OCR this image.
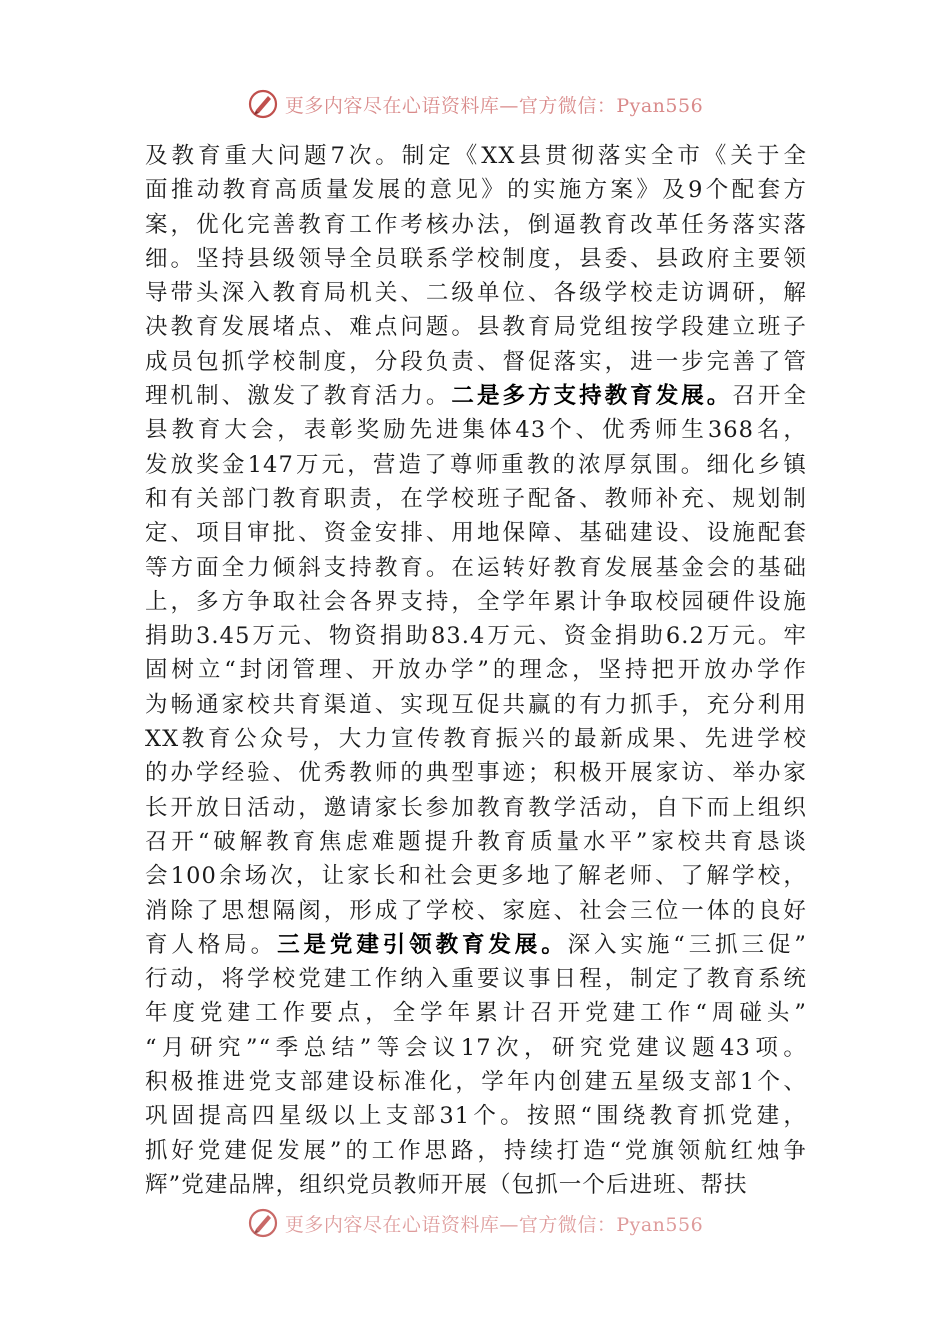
更多内容尽在心语资料库—官方微信：Pyan556
及教育重大问题7次。制定《XX县贯彻落实全市《关于全
面推动教育高质量发展的意见》的实施方案》及9个配套方
案，优化完善教育工作考核办法，倒逼教育改革任务落实落
细。坚持县级领导全员联系学校制度，县委、县政府主要领
导带头深入教育局机关、二级单位、各级学校走访调研，解
决教育发展堵点、难点问题。县教育局党组按学段建立班子
成员包抓学校制度，分段负责、督促落实，进一步完善了管
理机制、激发了教育活力。二是多方支持教育发展。召开全
县教育大会，表彰奖励先进集体43个、优秀师生368名，
发放奖金147万元，营造了尊师重教的浓厚氛围。细化乡镇
和有关部门教育职责，在学校班子配备、教师补充、规划制
定、项目审批、资金安排、用地保障、基础建设、设施配套
等方面全力倾斜支持教育。在运转好教育发展基金会的基础
上，多方争取社会各界支持，全学年累计争取校园硬件设施
捐助3.45万元、物资捐助83.4万元、资金捐助6.2万元。牢
固树立“封闭管理、开放办学”的理念，坚持把开放办学作
为畅通家校共育渠道、实现互促共赢的有力抓手，充分利用
XX教育公众号，大力宣传教育振兴的最新成果、先进学校
的办学经验、优秀教师的典型事迹；积极开展家访、举办家
长开放日活动，邀请家长参加教育教学活动，自下而上组织
召开“破解教育焦虑难题提升教育质量水平”家校共育恳谈
会100余场次，让家长和社会更多地了解老师、了解学校，
消除了思想隔阂，形成了学校、家庭、社会三位一体的良好
育人格局。三是党建引领教育发展。深入实施“三抓三促”
行动，将学校党建工作纳入重要议事日程，制定了教育系统
年度党建工作要点，全学年累计召开党建工作“周碰头”
“月研究”“季总结”等会议17次，研究党建议题43项。
积极推进党支部建设标准化，学年内创建五星级支部1个、
巩固提高四星级以上支部31个。按照“围绕教育抓党建，
抓好党建促发展”的工作思路，持续打造“党旗领航红烛争
辉”党建品牌，组织党员教师开展（包抓一个后进班、帮扶
更多内容尽在心语资料库—官方微信：Pyan556
